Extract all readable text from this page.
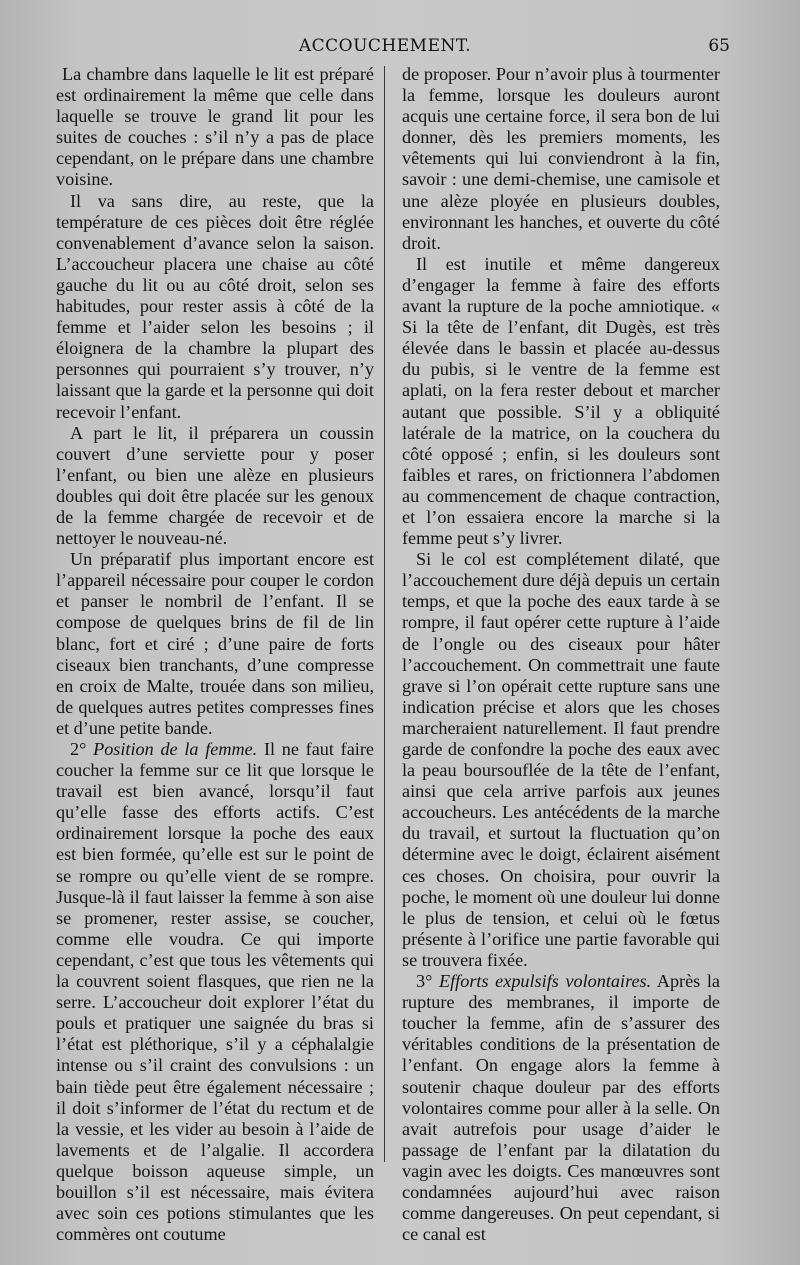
ACCOUCHEMENT.	65

La chambre dans laquelle le lit est préparé est ordinairement la même que celle dans laquelle se trouve le grand lit pour les suites de couches : s’il n’y a pas de place cependant, on le prépare dans une chambre voisine.

Il va sans dire, au reste, que la température de ces pièces doit être réglée convenablement d’avance selon la saison. L’accoucheur placera une chaise au côté gauche du lit ou au côté droit, selon ses habitudes, pour rester assis à côté de la femme et l’aider selon les besoins ; il éloignera de la chambre la plupart des personnes qui pourraient s’y trouver, n’y laissant que la garde et la personne qui doit recevoir l’enfant.

A part le lit, il préparera un coussin couvert d’une serviette pour y poser l’enfant, ou bien une alèze en plusieurs doubles qui doit être placée sur les genoux de la femme chargée de recevoir et de nettoyer le nouveau-né.

Un préparatif plus important encore est l’appareil nécessaire pour couper le cordon et panser le nombril de l’enfant. Il se compose de quelques brins de fil de lin blanc, fort et ciré ; d’une paire de forts ciseaux bien tranchants, d’une compresse en croix de Malte, trouée dans son milieu, de quelques autres petites compresses fines et d’une petite bande.

2° Position de la femme. Il ne faut faire coucher la femme sur ce lit que lorsque le travail est bien avancé, lorsqu’il faut qu’elle fasse des efforts actifs. C’est ordinairement lorsque la poche des eaux est bien formée, qu’elle est sur le point de se rompre ou qu’elle vient de se rompre. Jusque-là il faut laisser la femme à son aise se promener, rester assise, se coucher, comme elle voudra. Ce qui importe cependant, c’est que tous les vêtements qui la couvrent soient flasques, que rien ne la serre. L’accoucheur doit explorer l’état du pouls et pratiquer une saignée du bras si l’état est pléthorique, s’il y a céphalalgie intense ou s’il craint des convulsions : un bain tiède peut être également nécessaire ; il doit s’informer de l’état du rectum et de la vessie, et les vider au besoin à l’aide de lavements et de l’algalie. Il accordera quelque boisson aqueuse simple, un bouillon s’il est nécessaire, mais évitera avec soin ces potions stimulantes que les commères ont coutume

de proposer. Pour n’avoir plus à tourmenter la femme, lorsque les douleurs auront acquis une certaine force, il sera bon de lui donner, dès les premiers moments, les vêtements qui lui conviendront à la fin, savoir : une demi-chemise, une camisole et une alèze ployée en plusieurs doubles, environnant les hanches, et ouverte du côté droit.

Il est inutile et même dangereux d’engager la femme à faire des efforts avant la rupture de la poche amniotique. « Si la tête de l’enfant, dit Dugès, est très élevée dans le bassin et placée au-dessus du pubis, si le ventre de la femme est aplati, on la fera rester debout et marcher autant que possible. S’il y a obliquité latérale de la matrice, on la couchera du côté opposé ; enfin, si les douleurs sont faibles et rares, on frictionnera l’abdomen au commencement de chaque contraction, et l’on essaiera encore la marche si la femme peut s’y livrer.

Si le col est complétement dilaté, que l’accouchement dure déjà depuis un certain temps, et que la poche des eaux tarde à se rompre, il faut opérer cette rupture à l’aide de l’ongle ou des ciseaux pour hâter l’accouchement. On commettrait une faute grave si l’on opérait cette rupture sans une indication précise et alors que les choses marcheraient naturellement. Il faut prendre garde de confondre la poche des eaux avec la peau boursouflée de la tête de l’enfant, ainsi que cela arrive parfois aux jeunes accoucheurs. Les antécédents de la marche du travail, et surtout la fluctuation qu’on détermine avec le doigt, éclairent aisément ces choses. On choisira, pour ouvrir la poche, le moment où une douleur lui donne le plus de tension, et celui où le fœtus présente à l’orifice une partie favorable qui se trouvera fixée.

3° Efforts expulsifs volontaires. Après la rupture des membranes, il importe de toucher la femme, afin de s’assurer des véritables conditions de la présentation de l’enfant. On engage alors la femme à soutenir chaque douleur par des efforts volontaires comme pour aller à la selle. On avait autrefois pour usage d’aider le passage de l’enfant par la dilatation du vagin avec les doigts. Ces manœuvres sont condamnées aujourd’hui avec raison comme dangereuses. On peut cependant, si ce canal est
